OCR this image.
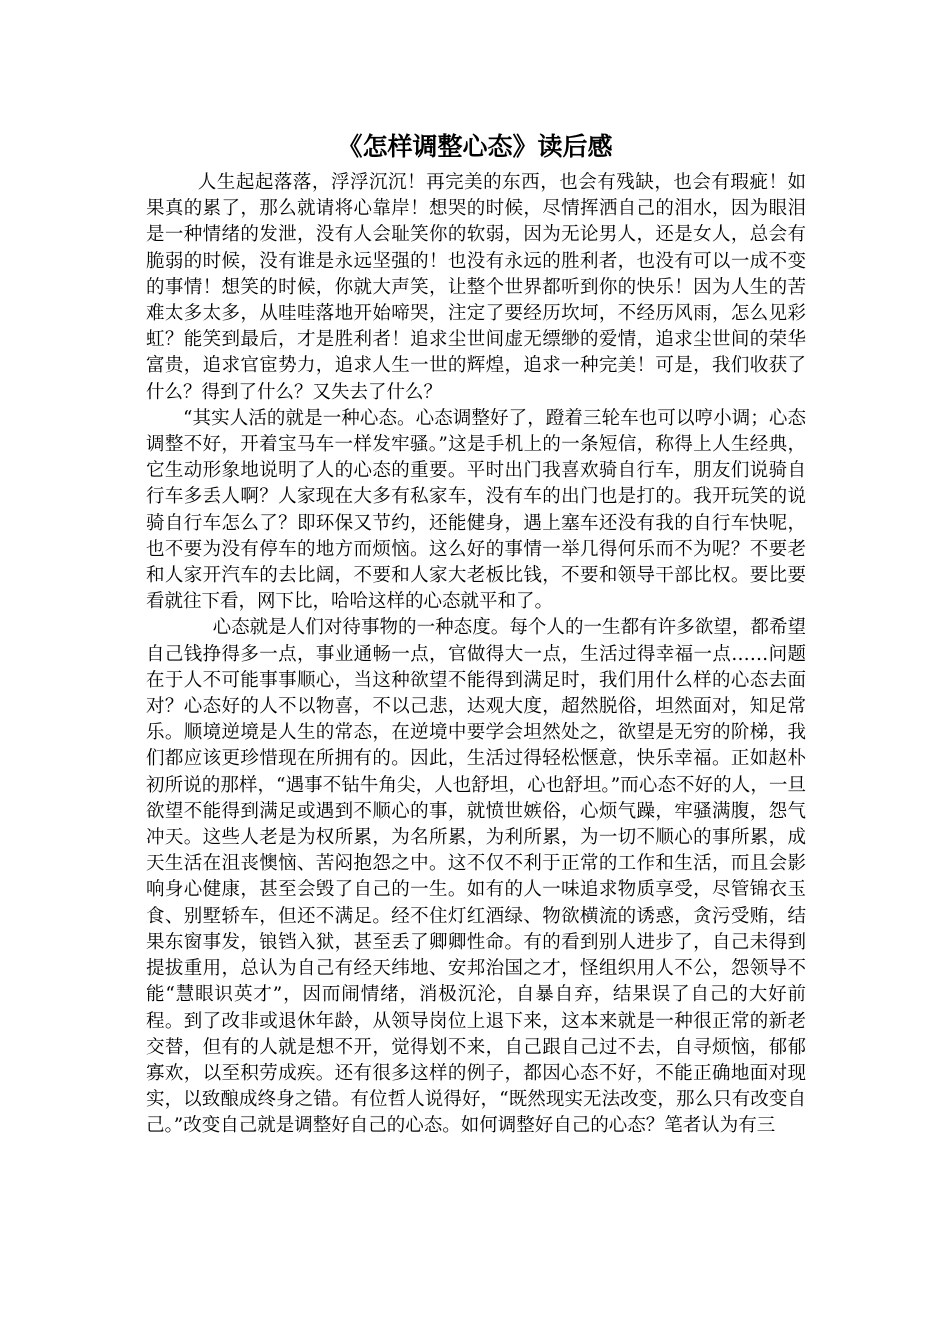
《怎样调整心态》读后感

人生起起落落，浮浮沉沉！再完美的东西，也会有残缺，也会有瑕疵！如果真的累了，那么就请将心靠岸！想哭的时候，尽情挥洒自己的泪水，因为眼泪是一种情绪的发泄，没有人会耻笑你的软弱，因为无论男人，还是女人，总会有脆弱的时候，没有谁是永远坚强的！也没有永远的胜利者，也没有可以一成不变的事情！想笑的时候，你就大声笑，让整个世界都听到你的快乐！因为人生的苦难太多太多，从哇哇落地开始啼哭，注定了要经历坎坷，不经历风雨，怎么见彩虹？能笑到最后，才是胜利者！追求尘世间虚无缥缈的爱情，追求尘世间的荣华富贵，追求官宦势力，追求人生一世的辉煌，追求一种完美！可是，我们收获了什么？得到了什么？又失去了什么？

“其实人活的就是一种心态。心态调整好了，蹬着三轮车也可以哼小调；心态调整不好，开着宝马车一样发牢骚。”这是手机上的一条短信，称得上人生经典，它生动形象地说明了人的心态的重要。平时出门我喜欢骑自行车，朋友们说骑自行车多丢人啊？人家现在大多有私家车，没有车的出门也是打的。我开玩笑的说骑自行车怎么了？即环保又节约，还能健身，遇上塞车还没有我的自行车快呢，也不要为没有停车的地方而烦恼。这么好的事情一举几得何乐而不为呢？不要老和人家开汽车的去比阔，不要和人家大老板比钱，不要和领导干部比权。要比要看就往下看，网下比，哈哈这样的心态就平和了。

心态就是人们对待事物的一种态度。每个人的一生都有许多欲望，都希望自己钱挣得多一点，事业通畅一点，官做得大一点，生活过得幸福一点……问题在于人不可能事事顺心，当这种欲望不能得到满足时，我们用什么样的心态去面对？心态好的人不以物喜，不以己悲，达观大度，超然脱俗，坦然面对，知足常乐。顺境逆境是人生的常态，在逆境中要学会坦然处之，欲望是无穷的阶梯，我们都应该更珍惜现在所拥有的。因此，生活过得轻松惬意，快乐幸福。正如赵朴初所说的那样，“遇事不钻牛角尖，人也舒坦，心也舒坦。”而心态不好的人，一旦欲望不能得到满足或遇到不顺心的事，就愤世嫉俗，心烦气躁，牢骚满腹，怨气冲天。这些人老是为权所累，为名所累，为利所累，为一切不顺心的事所累，成天生活在沮丧懊恼、苦闷抱怨之中。这不仅不利于正常的工作和生活，而且会影响身心健康，甚至会毁了自己的一生。如有的人一味追求物质享受，尽管锦衣玉食、别墅轿车，但还不满足。经不住灯红酒绿、物欲横流的诱惑，贪污受贿，结果东窗事发，锒铛入狱，甚至丢了卿卿性命。有的看到别人进步了，自己未得到提拔重用，总认为自己有经天纬地、安邦治国之才，怪组织用人不公，怨领导不能“慧眼识英才”，因而闹情绪，消极沉沦，自暴自弃，结果误了自己的大好前程。到了改非或退休年龄，从领导岗位上退下来，这本来就是一种很正常的新老交替，但有的人就是想不开，觉得划不来，自己跟自己过不去，自寻烦恼，郁郁寡欢，以至积劳成疾。还有很多这样的例子，都因心态不好，不能正确地面对现实，以致酿成终身之错。有位哲人说得好，“既然现实无法改变，那么只有改变自己。”改变自己就是调整好自己的心态。如何调整好自己的心态？笔者认为有三
